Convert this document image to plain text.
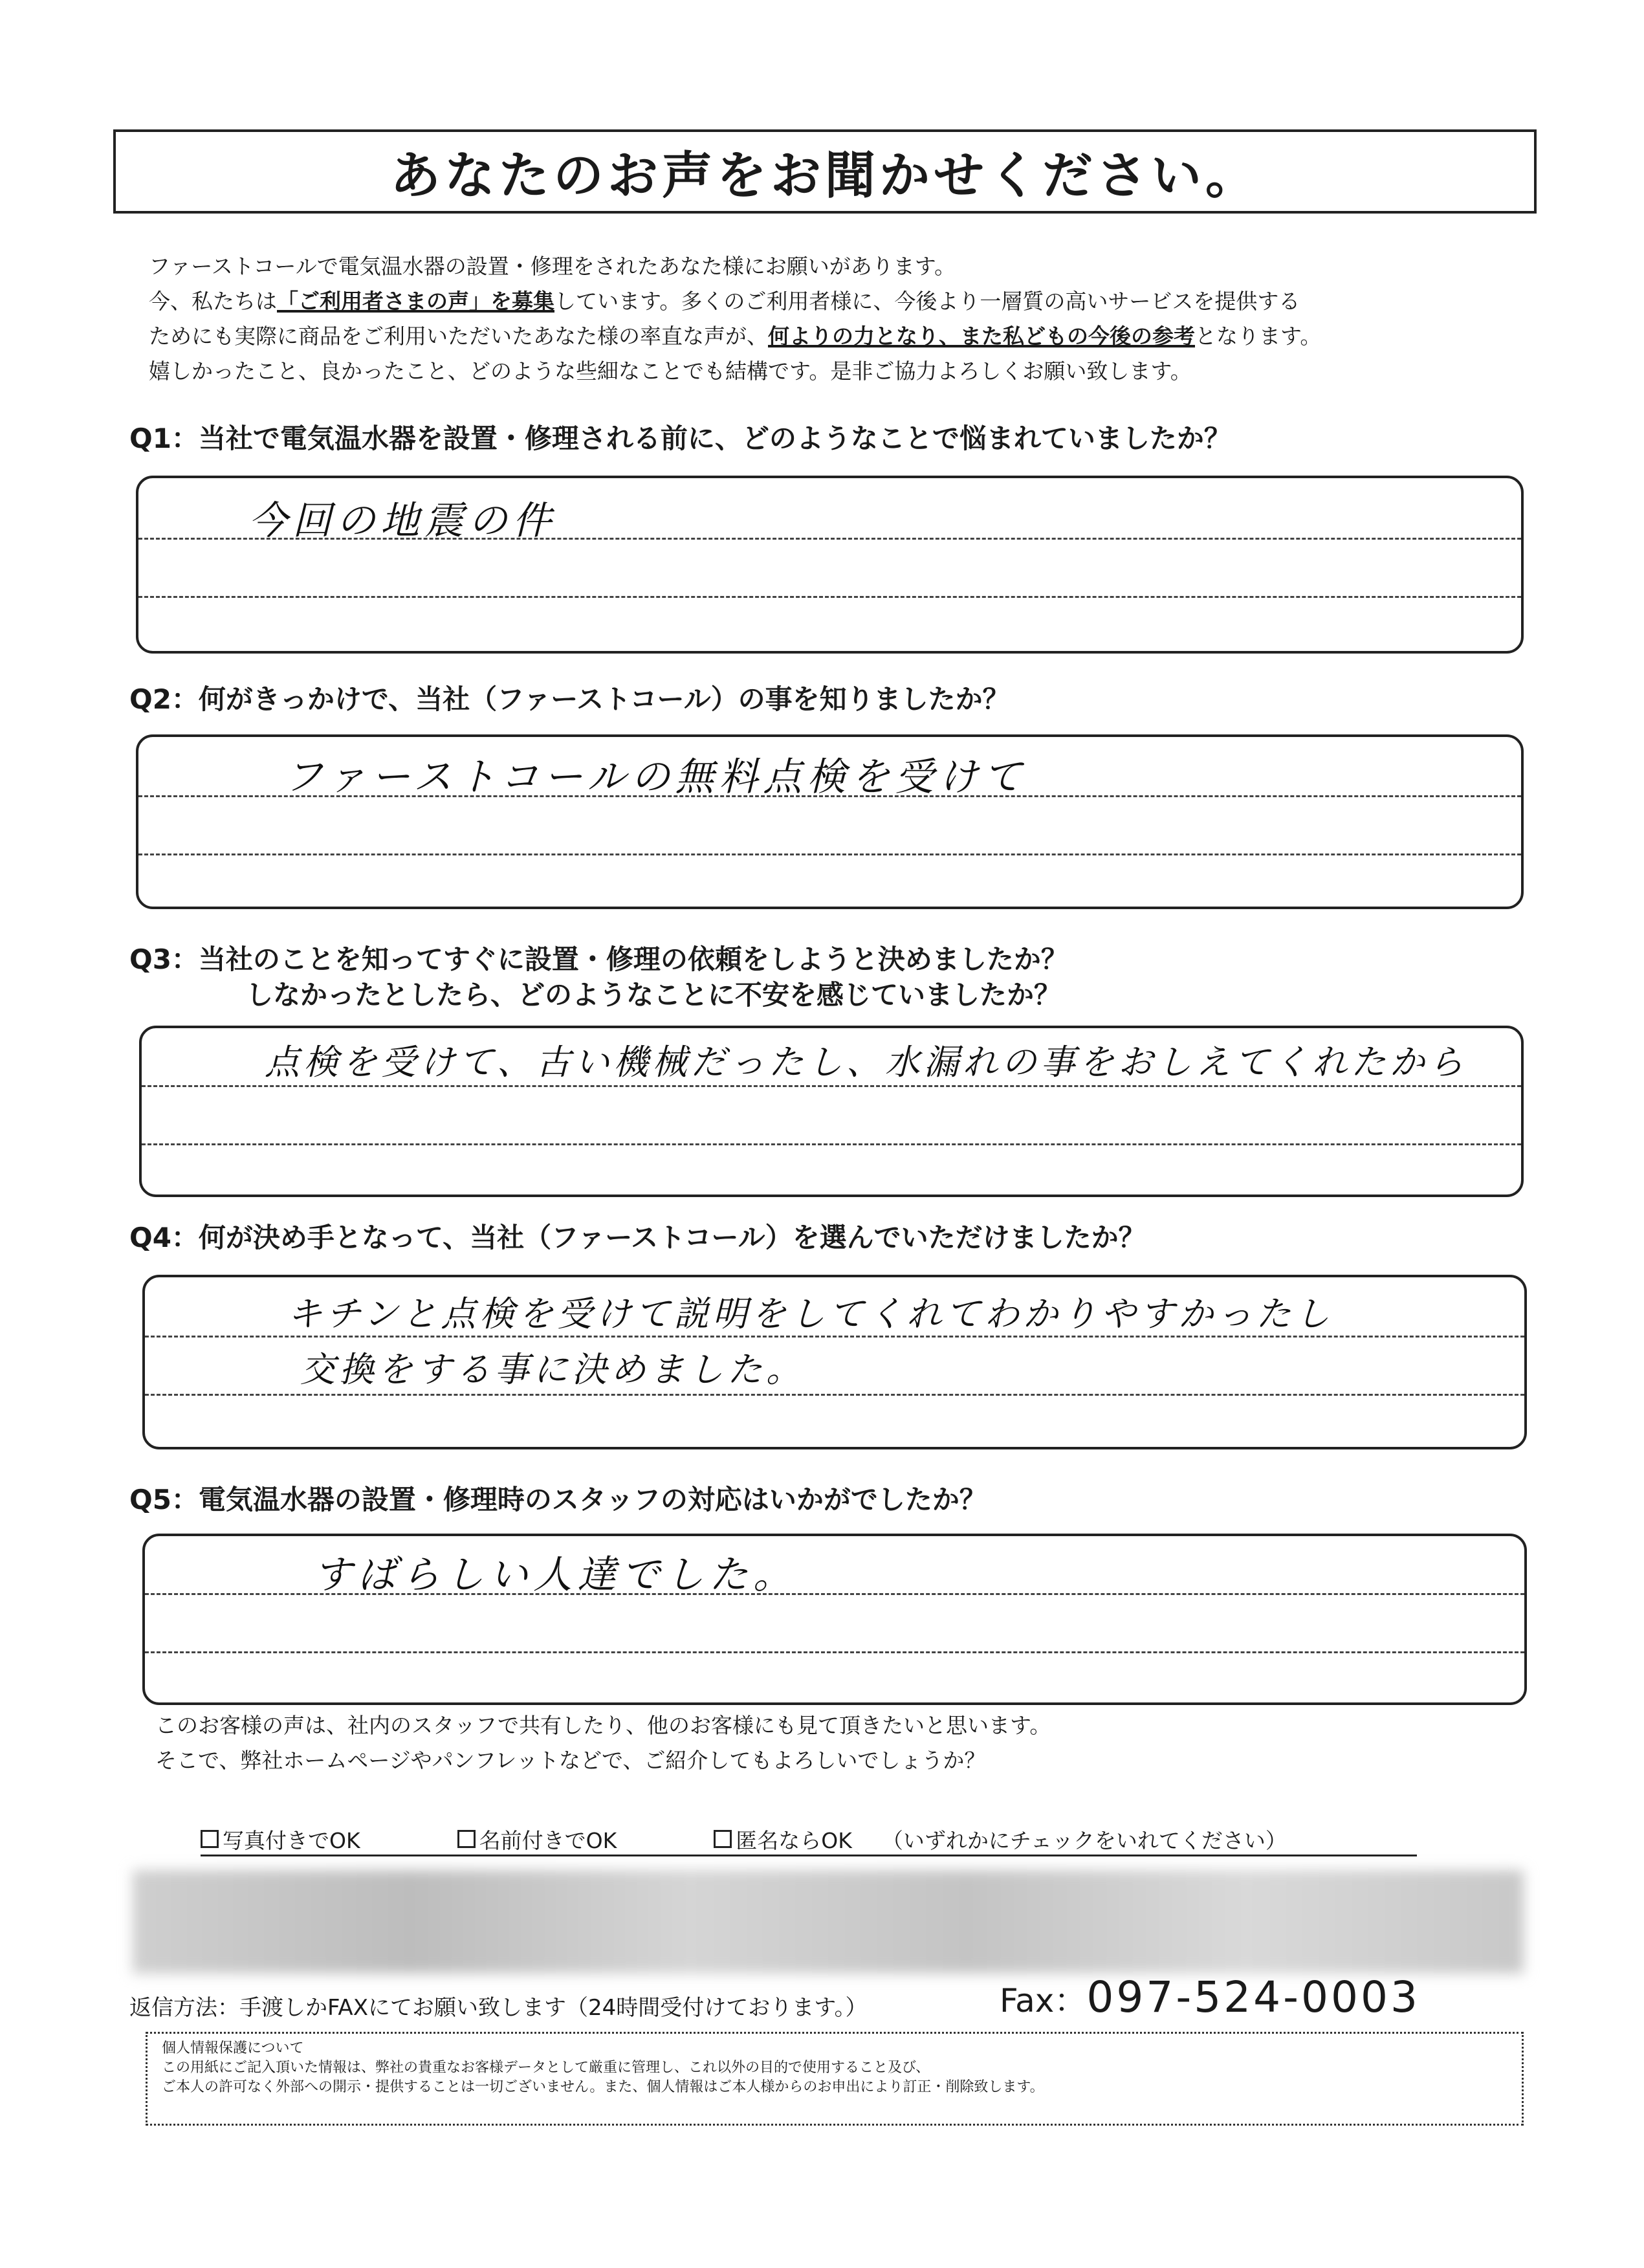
あなたのお声をお聞かせください。
ファーストコールで電気温水器の設置・修理をされたあなた様にお願いがあります。
今、私たちは「ご利用者さまの声」を募集しています。多くのご利用者様に、今後より一層質の高いサービスを提供する
ためにも実際に商品をご利用いただいたあなた様の率直な声が、何よりの力となり、また私どもの今後の参考となります。
嬉しかったこと、良かったこと、どのような些細なことでも結構です。是非ご協力よろしくお願い致します。
Q1：当社で電気温水器を設置・修理される前に、どのようなことで悩まれていましたか？
今回の地震の件
Q2：何がきっかけで、当社（ファーストコール）の事を知りましたか？
ファーストコールの無料点検を受けて
Q3：当社のことを知ってすぐに設置・修理の依頼をしようと決めましたか？
しなかったとしたら、どのようなことに不安を感じていましたか？
点検を受けて、古い機械だったし、水漏れの事をおしえてくれたから
Q4：何が決め手となって、当社（ファーストコール）を選んでいただけましたか？
キチンと点検を受けて説明をしてくれてわかりやすかったし
交換をする事に決めました。
Q5：電気温水器の設置・修理時のスタッフの対応はいかがでしたか？
すばらしい人達でした。
このお客様の声は、社内のスタッフで共有したり、他のお客様にも見て頂きたいと思います。
そこで、弊社ホームページやパンフレットなどで、ご紹介してもよろしいでしょうか？
写真付きでOK	名前付きでOK	匿名ならOK （いずれかにチェックをいれてください）
返信方法：手渡しかFAXにてお願い致します（24時間受付けております。）	Fax：097-524-0003
個人情報保護について
この用紙にご記入頂いた情報は、弊社の貴重なお客様データとして厳重に管理し、これ以外の目的で使用すること及び、
ご本人の許可なく外部への開示・提供することは一切ございません。また、個人情報はご本人様からのお申出により訂正・削除致します。
